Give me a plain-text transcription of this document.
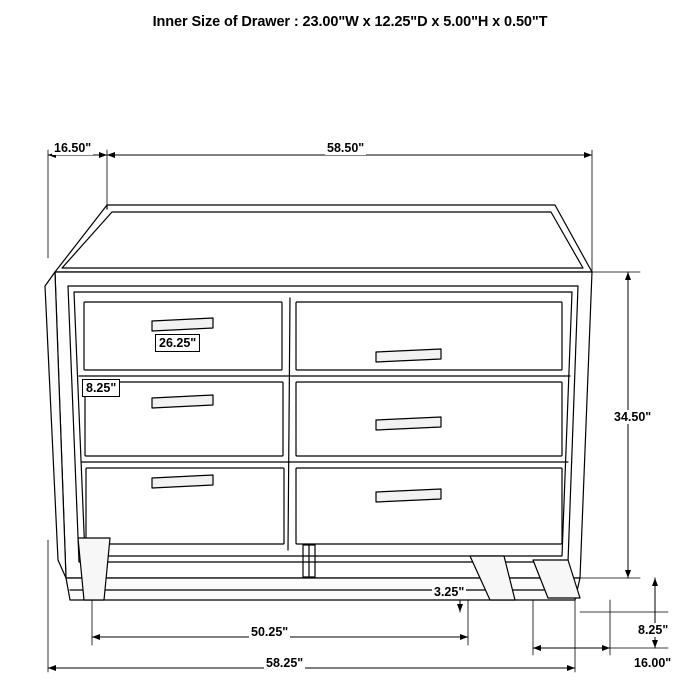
Inner Size of Drawer : 23.00"W x 12.25"D x 5.00"H x 0.50"T
16.50"	58.50"
26.25"
8.25"
34.50"
3.25"
50.25"
58.25"
8.25"
16.00"
